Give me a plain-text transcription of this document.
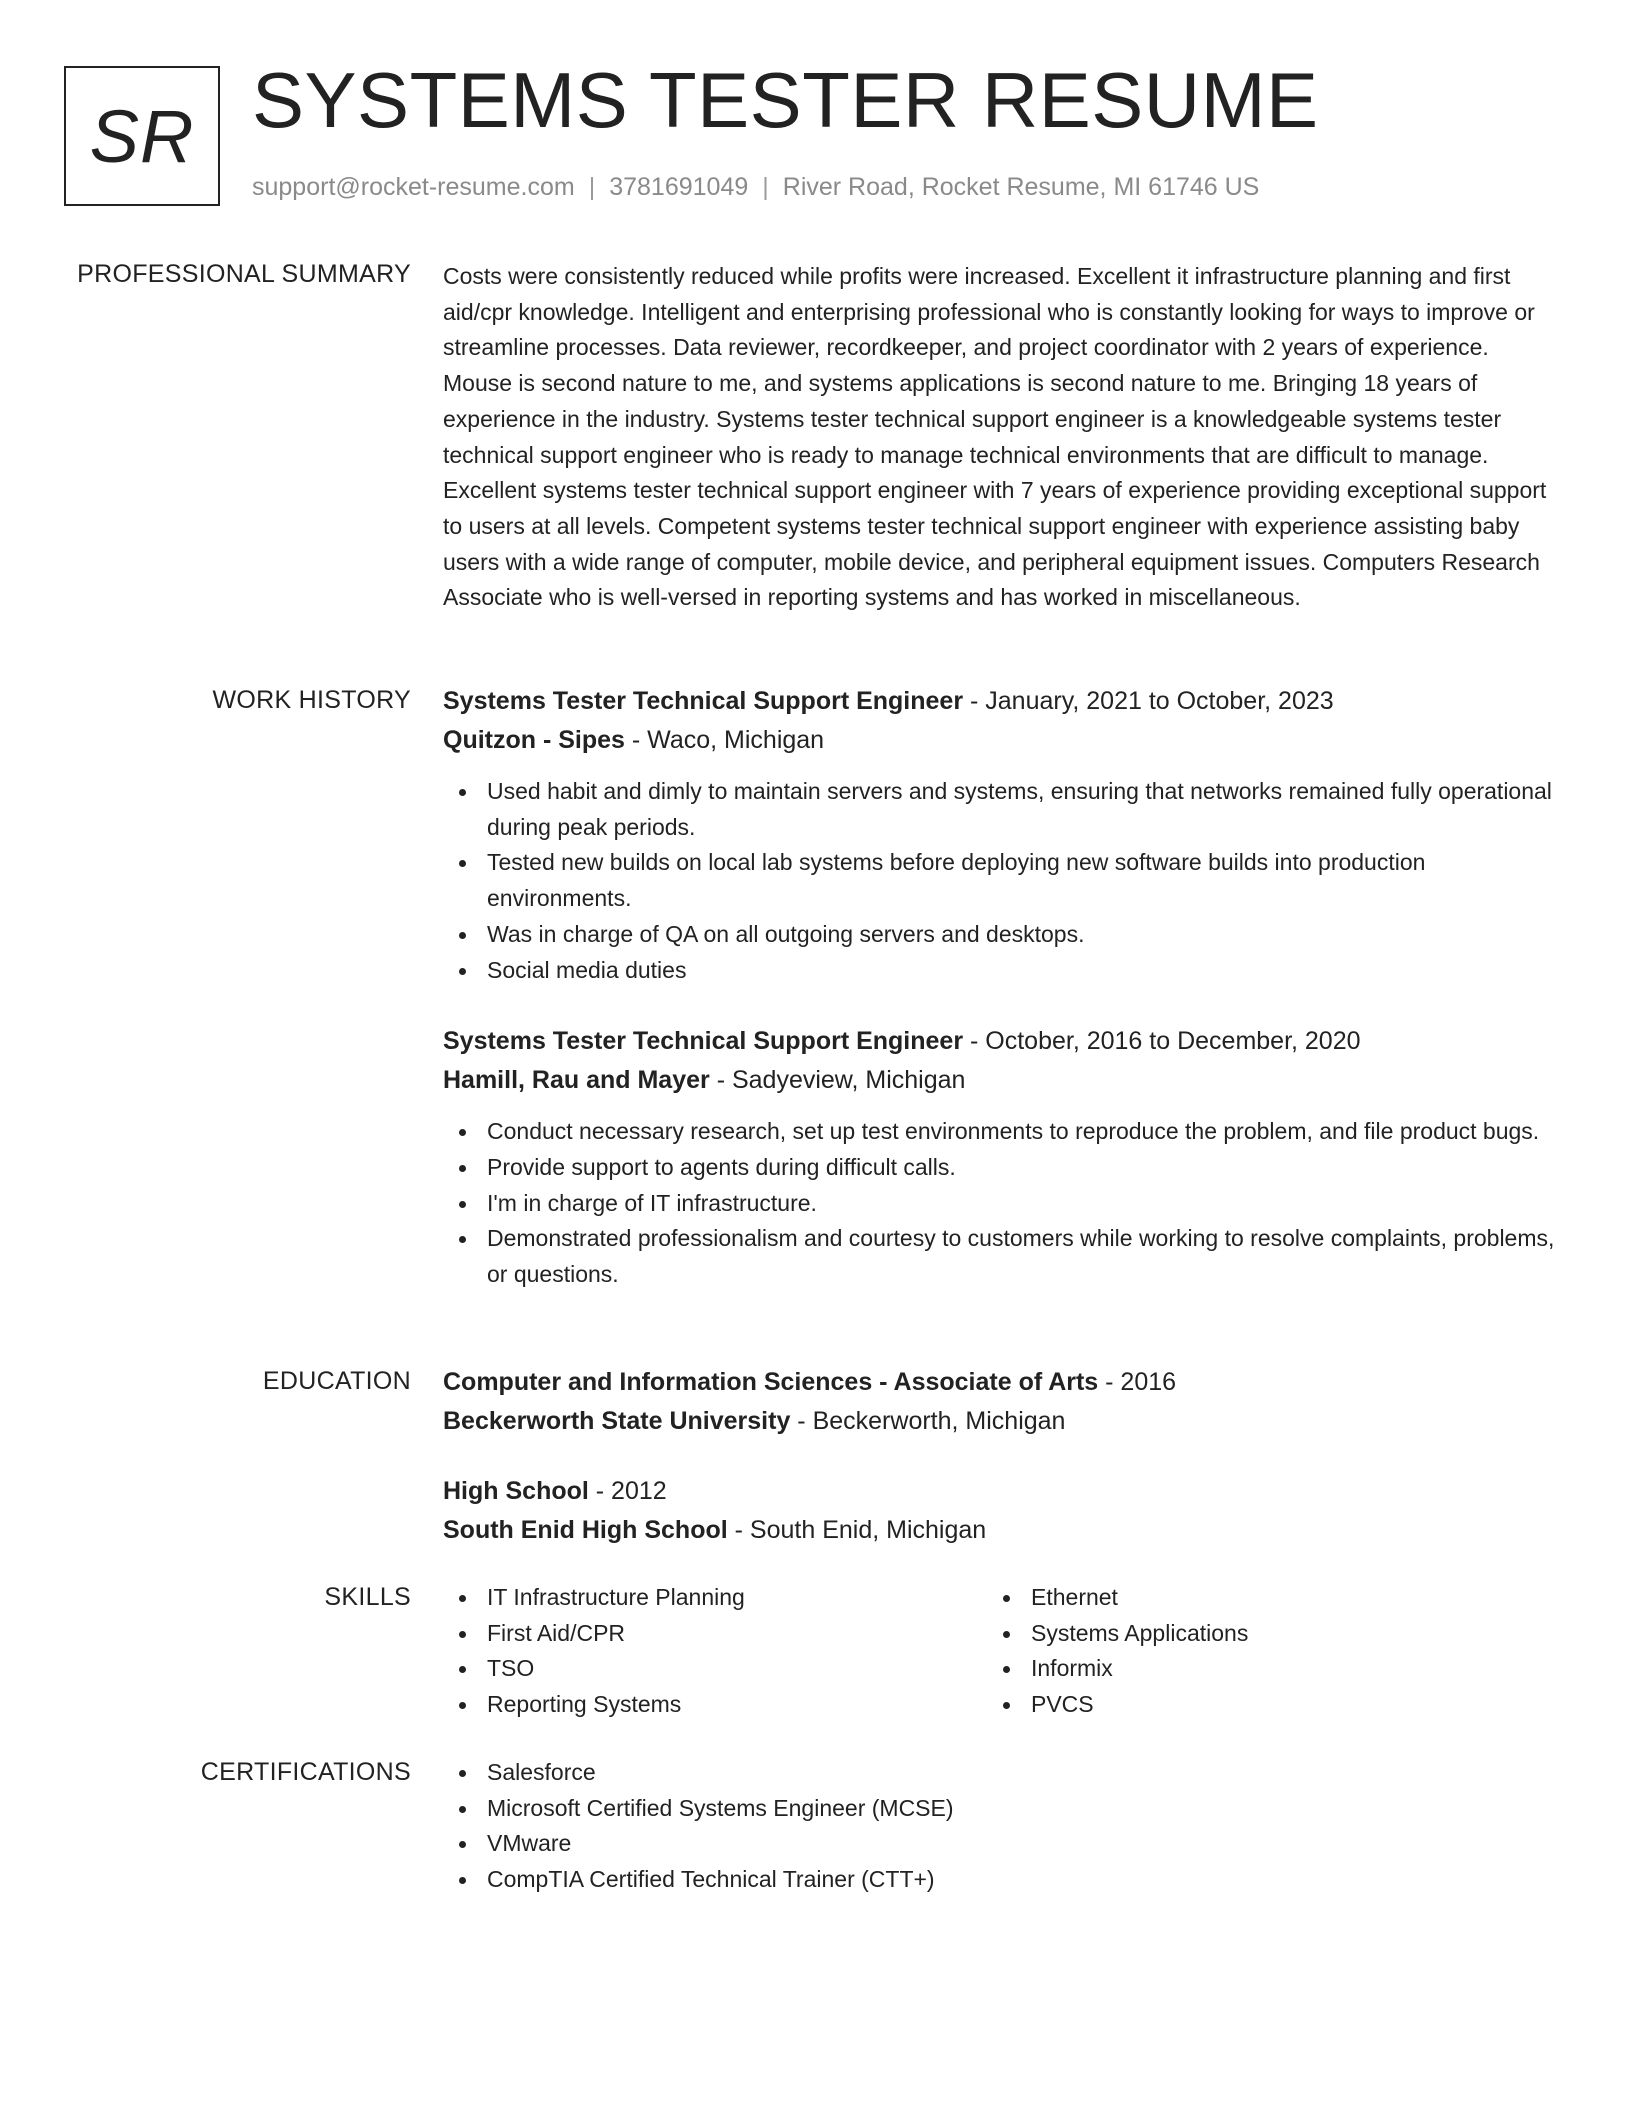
SR SYSTEMS TESTER RESUME
support@rocket-resume.com | 3781691049 | River Road, Rocket Resume, MI 61746 US
PROFESSIONAL SUMMARY Costs were consistently reduced while profits were increased. Excellent it infrastructure planning and first aid/cpr knowledge. Intelligent and enterprising professional who is constantly looking for ways to improve or streamline processes. Data reviewer, recordkeeper, and project coordinator with 2 years of experience. Mouse is second nature to me, and systems applications is second nature to me. Bringing 18 years of experience in the industry. Systems tester technical support engineer is a knowledgeable systems tester technical support engineer who is ready to manage technical environments that are difficult to manage. Excellent systems tester technical support engineer with 7 years of experience providing exceptional support to users at all levels. Competent systems tester technical support engineer with experience assisting baby users with a wide range of computer, mobile device, and peripheral equipment issues. Computers Research Associate who is well-versed in reporting systems and has worked in miscellaneous.

WORK HISTORY Systems Tester Technical Support Engineer - January, 2021 to October, 2023
Quitzon - Sipes - Waco, Michigan
Used habit and dimly to maintain servers and systems, ensuring that networks remained fully operational during peak periods.
Tested new builds on local lab systems before deploying new software builds into production environments.
Was in charge of QA on all outgoing servers and desktops.
Social media duties
Systems Tester Technical Support Engineer - October, 2016 to December, 2020
Hamill, Rau and Mayer - Sadyeview, Michigan
Conduct necessary research, set up test environments to reproduce the problem, and file product bugs.
Provide support to agents during difficult calls.
I'm in charge of IT infrastructure.
Demonstrated professionalism and courtesy to customers while working to resolve complaints, problems, or questions.
EDUCATION Computer and Information Sciences - Associate of Arts - 2016
Beckerworth State University - Beckerworth, Michigan
High School - 2012
South Enid High School - South Enid, Michigan
SKILLS	IT Infrastructure Planning
First Aid/CPR
TSO
Reporting Systems
Ethernet
Systems Applications
Informix
PVCS
CERTIFICATIONS	Salesforce
Microsoft Certified Systems Engineer (MCSE)
VMware
CompTIA Certified Technical Trainer (CTT+)
